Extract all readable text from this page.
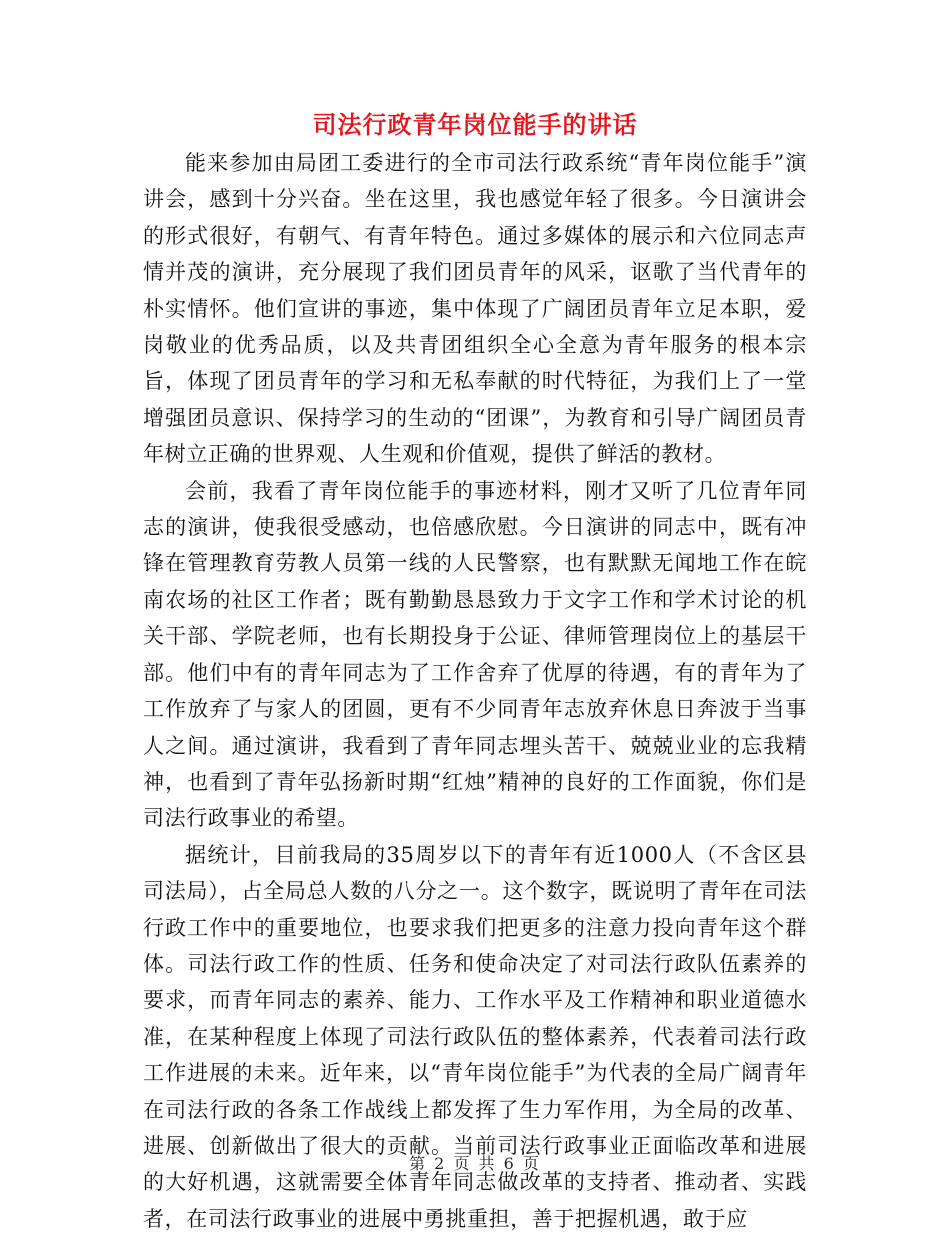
司法行政青年岗位能手的讲话

能来参加由局团工委进行的全市司法行政系统“青年岗位能手”演讲会，感到十分兴奋。坐在这里，我也感觉年轻了很多。今日演讲会的形式很好，有朝气、有青年特色。通过多媒体的展示和六位同志声情并茂的演讲，充分展现了我们团员青年的风采，讴歌了当代青年的朴实情怀。他们宣讲的事迹，集中体现了广阔团员青年立足本职，爱岗敬业的优秀品质，以及共青团组织全心全意为青年服务的根本宗旨，体现了团员青年的学习和无私奉献的时代特征，为我们上了一堂增强团员意识、保持学习的生动的“团课”，为教育和引导广阔团员青年树立正确的世界观、人生观和价值观，提供了鲜活的教材。

会前，我看了青年岗位能手的事迹材料，刚才又听了几位青年同志的演讲，使我很受感动，也倍感欣慰。今日演讲的同志中，既有冲锋在管理教育劳教人员第一线的人民警察，也有默默无闻地工作在皖南农场的社区工作者；既有勤勤恳恳致力于文字工作和学术讨论的机关干部、学院老师，也有长期投身于公证、律师管理岗位上的基层干部。他们中有的青年同志为了工作舍弃了优厚的待遇，有的青年为了工作放弃了与家人的团圆，更有不少同青年志放弃休息日奔波于当事人之间。通过演讲，我看到了青年同志埋头苦干、兢兢业业的忘我精神，也看到了青年弘扬新时期“红烛”精神的良好的工作面貌，你们是司法行政事业的希望。

据统计，目前我局的35周岁以下的青年有近1000人（不含区县司法局），占全局总人数的八分之一。这个数字，既说明了青年在司法行政工作中的重要地位，也要求我们把更多的注意力投向青年这个群体。司法行政工作的性质、任务和使命决定了对司法行政队伍素养的要求，而青年同志的素养、能力、工作水平及工作精神和职业道德水准，在某种程度上体现了司法行政队伍的整体素养，代表着司法行政工作进展的未来。近年来，以“青年岗位能手”为代表的全局广阔青年在司法行政的各条工作战线上都发挥了生力军作用，为全局的改革、进展、创新做出了很大的贡献。当前司法行政事业正面临改革和进展的大好机遇，这就需要全体青年同志做改革的支持者、推动者、实践者，在司法行政事业的进展中勇挑重担，善于把握机遇，敢于应

第 2 页 共 6 页
